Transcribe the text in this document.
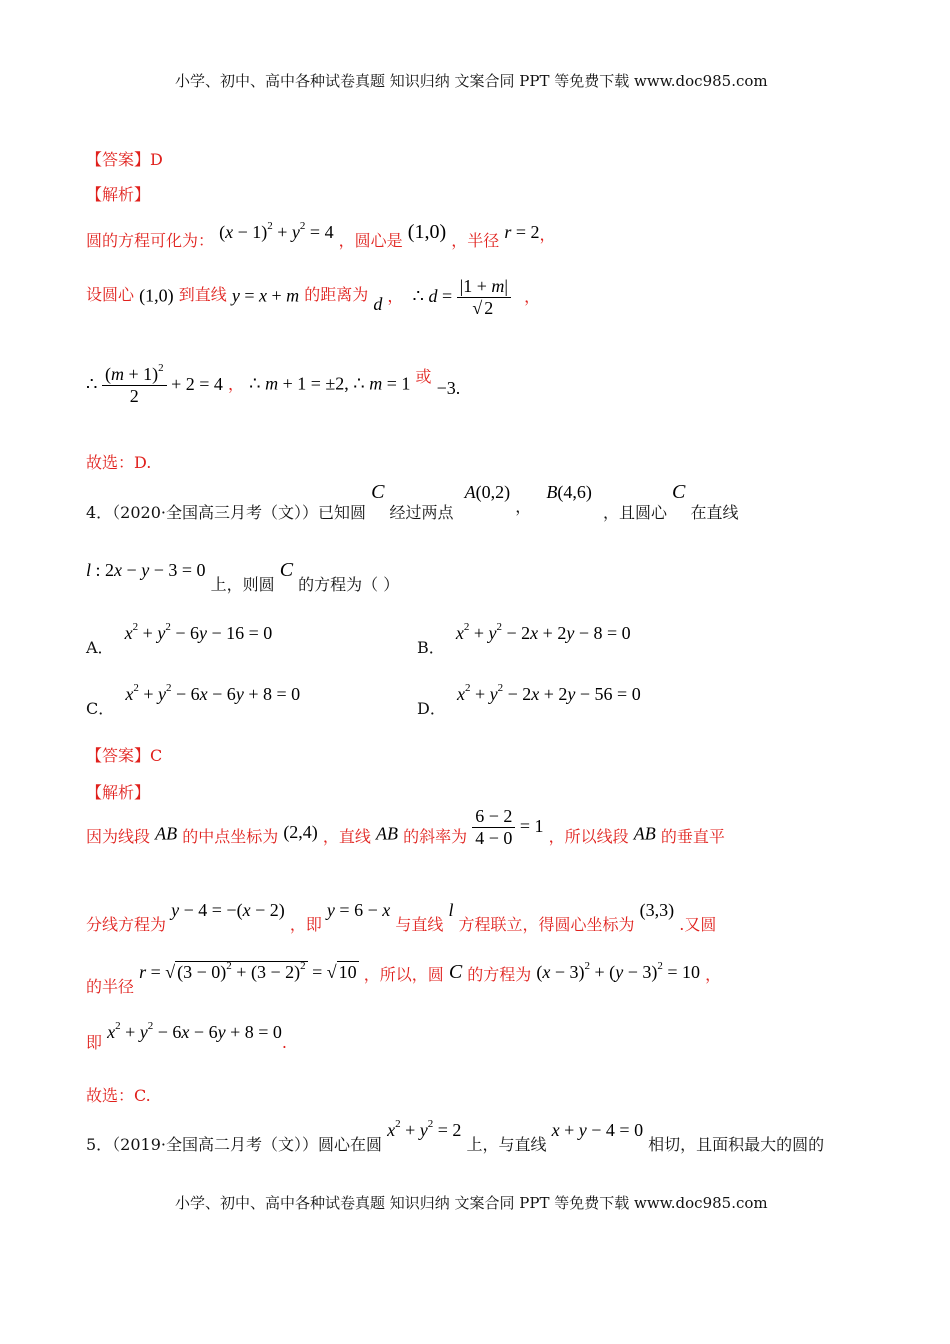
小学、初中、高中各种试卷真题 知识归纳 文案合同 PPT 等免费下载 www.doc985.com
小学、初中、高中各种试卷真题 知识归纳 文案合同 PPT 等免费下载 www.doc985.com
【答案】D
【解析】
圆的方程可化为： $(x - 1)^2 + y^2 = 4$ ，圆心是 (1,0) ，半径 r = 2，
设圆心 (1,0) 到直线 y = x + m 的距离为 d ， ∴ $d = \frac{|1 + m|}{√ 2}$ ，
∴ $\frac{(m + 1)^2}{2} + 2 = 4$ ， ∴ m + 1 = ±2, ∴ m = 1 或 −3.
故选：D.
4．（2020·全国高三月考（文））已知圆 C 经过两点 A(0,2) ， B(4,6) ，且圆心 C 在直线
l : 2x − y − 3 = 0 上，则圆 C 的方程为（ ）
A． $x^2 + y^2 - 6y - 16 = 0$
B． $x^2 + y^2 - 2x + 2y - 8 = 0$
C． $x^2 + y^2 - 6x - 6y + 8 = 0$
D． $x^2 + y^2 - 2x + 2y - 56 = 0$
【答案】C
【解析】
因为线段 AB 的中点坐标为 (2,4) ，直线 AB 的斜率为 $\frac{6 - 2}{4 - 0} = 1$ ，所以线段 AB 的垂直平
分线方程为 y − 4 = −(x − 2) ，即 y = 6 − x 与直线 l 方程联立，得圆心坐标为 (3,3) .又圆
的半径 r = √ $(3 - 0)^2 + (3 - 2)^2$ = √ 10 ，所以，圆 C 的方程为 $(x - 3)^2 + (y - 3)^2 = 10$ ，
即 $x^2 + y^2 - 6x - 6y + 8 = 0$.
故选：C.
5．（2019·全国高二月考（文））圆心在圆 $x^2 + y^2 = 2$ 上，与直线 x + y − 4 = 0 相切，且面积最大的圆的
